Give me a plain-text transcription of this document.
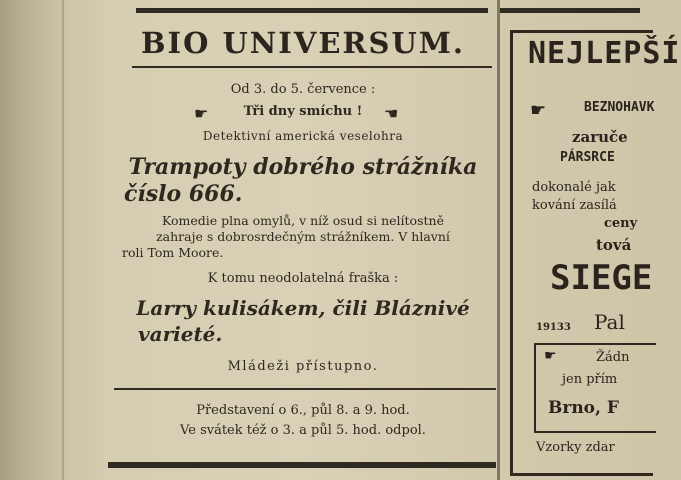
BIO UNIVERSUM.
Od 3. do 5. července :
☛	Tři dny smíchu !	☚
Detektivní americká veselohra
Trampoty dobrého strážníka
číslo 666.
Komedie plna omylů, v níž osud si nelítostně
zahraje s dobrosrdečným strážníkem. V hlavní
roli Tom Moore.
K tomu neodolatelná fraška :
Larry kulisákem, čili Bláznivé
varieté.
Mládeži přístupno.
Představení o 6., půl 8. a 9. hod.
Ve svátek též o 3. a půl 5. hod. odpol.
NEJLEPŠÍ
☛	BEZNOHAVK
zaruče
PÁRSRCE
dokonalé jak
kování zasílá
ceny
tová
SIEGE
19133 Pal
☛	Žádn
jen přím
Brno, F
Vzorky zdar
